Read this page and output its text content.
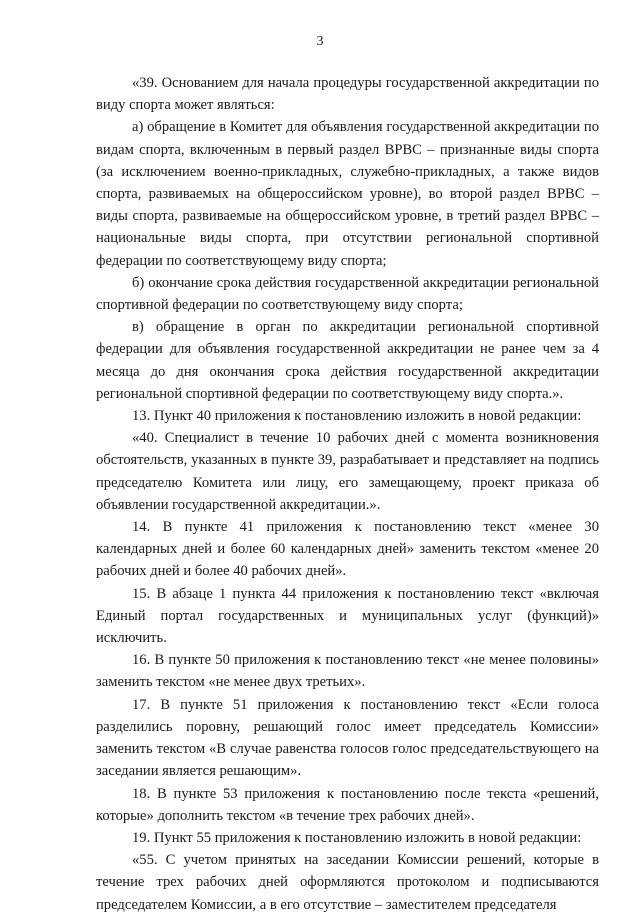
3

«39. Основанием для начала процедуры государственной аккредитации по виду спорта может являться:

а) обращение в Комитет для объявления государственной аккредитации по видам спорта, включенным в первый раздел ВРВС – признанные виды спорта (за исключением военно-прикладных, служебно-прикладных, а также видов спорта, развиваемых на общероссийском уровне), во второй раздел ВРВС – виды спорта, развиваемые на общероссийском уровне, в третий раздел ВРВС – национальные виды спорта, при отсутствии региональной спортивной федерации по соответствующему виду спорта;

б) окончание срока действия государственной аккредитации региональной спортивной федерации по соответствующему виду спорта;

в) обращение в орган по аккредитации региональной спортивной федерации для объявления государственной аккредитации не ранее чем за 4 месяца до дня окончания срока действия государственной аккредитации региональной спортивной федерации по соответствующему виду спорта.».

13. Пункт 40 приложения к постановлению изложить в новой редакции:

«40. Специалист в течение 10 рабочих дней с момента возникновения обстоятельств, указанных в пункте 39, разрабатывает и представляет на подпись председателю Комитета или лицу, его замещающему, проект приказа об объявлении государственной аккредитации.».

14. В пункте 41 приложения к постановлению текст «менее 30 календарных дней и более 60 календарных дней» заменить текстом «менее 20 рабочих дней и более 40 рабочих дней».

15. В абзаце 1 пункта 44 приложения к постановлению текст «включая Единый портал государственных и муниципальных услуг (функций)» исключить.

16. В пункте 50 приложения к постановлению текст «не менее половины» заменить текстом «не менее двух третьих».

17. В пункте 51 приложения к постановлению текст «Если голоса разделились поровну, решающий голос имеет председатель Комиссии» заменить текстом «В случае равенства голосов голос председательствующего на заседании является решающим».

18. В пункте 53 приложения к постановлению после текста «решений, которые» дополнить текстом «в течение трех рабочих дней».

19. Пункт 55 приложения к постановлению изложить в новой редакции:

«55. С учетом принятых на заседании Комиссии решений, которые в течение трех рабочих дней оформляются протоколом и подписываются председателем Комиссии, а в его отсутствие – заместителем председателя
